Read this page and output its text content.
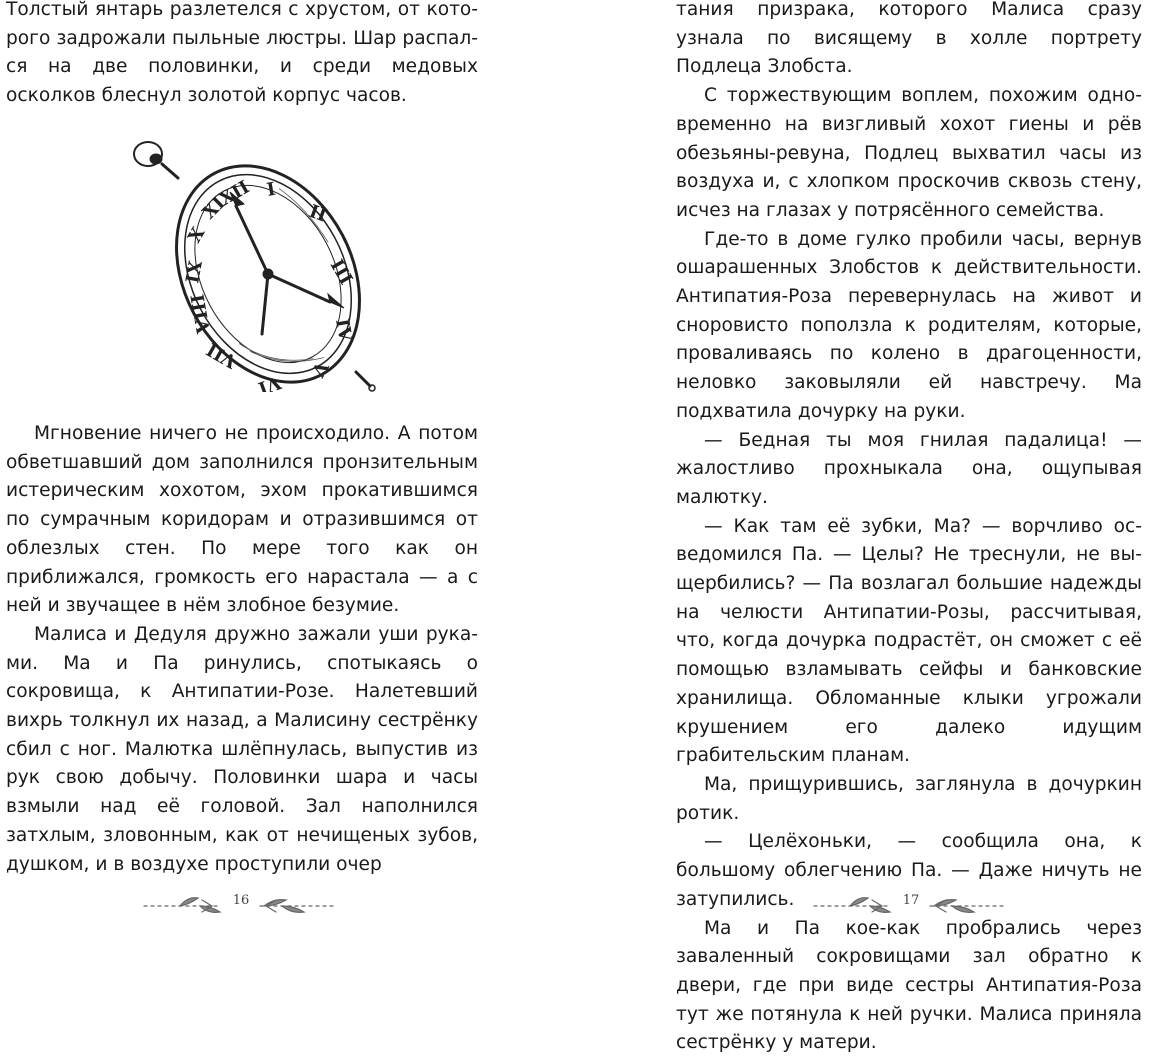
Толстый янтарь разлетелся с хрустом, от которого задрожали пыльные люстры. Шар распался на две половинки, и среди медовых осколков блеснул золотой корпус часов.

XII I
II
III
IV
V
VI
VII
VIII
IX
X
XI

Мгновение ничего не происходило. А потом обветшавший дом заполнился пронзительным истерическим хохотом, эхом прокатившимся по сумрачным коридорам и отразившимся от облезлых стен. По мере того как он приближался, громкость его нарастала — а с ней и звучащее в нём злобное безумие.

Малиса и Дедуля дружно зажали уши руками. Ма и Па ринулись, спотыкаясь о сокровища, к Антипатии-Розе. Налетевший вихрь толкнул их назад, а Малисину сестрёнку сбил с ног. Малютка шлёпнулась, выпустив из рук свою добычу. Половинки шара и часы взмыли над её головой. Зал наполнился затхлым, зловонным, как от нечищеных зубов, душком, и в воздухе проступили очер

16

тания призрака, которого Малиса сразу узнала по висящему в холле портрету Подлеца Злобста.

С торжествующим воплем, похожим одновременно на визгливый хохот гиены и рёв обезьяны-ревуна, Подлец выхватил часы из воздуха и, с хлопком проскочив сквозь стену, исчез на глазах у потрясённого семейства.

Где-то в доме гулко пробили часы, вернув ошaрашенных Злобстов к действительности. Антипатия-Роза перевернулась на живот и сноровисто поползла к родителям, которые, проваливаясь по колено в драгоценности, неловко заковыляли ей навстречу. Ма подхватила дочурку на руки.

— Бедная ты моя гнилая падалица! — жалостливо прохныкала она, ощупывая малютку.

— Как там её зубки, Ма? — ворчливо осведомился Па. — Целы? Не треснули, не выщербились? — Па возлагал большие надежды на челюсти Антипатии-Розы, рассчитывая, что, когда дочурка подрастёт, он сможет с её помощью взламывать сейфы и банковские хранилища. Обломанные клыки угрожали крушением его далеко идущим грабительским планам.

Ма, прищурившись, заглянула в дочуркин ротик.

— Целёхоньки, — сообщила она, к большому облегчению Па. — Даже ничуть не затупились.

Ма и Па кое-как пробрались через заваленный сокровищами зал обратно к двери, где при виде сестры Антипатия-Роза тут же потянула к ней ручки. Малиса приняла сестрёнку у матери.

17
